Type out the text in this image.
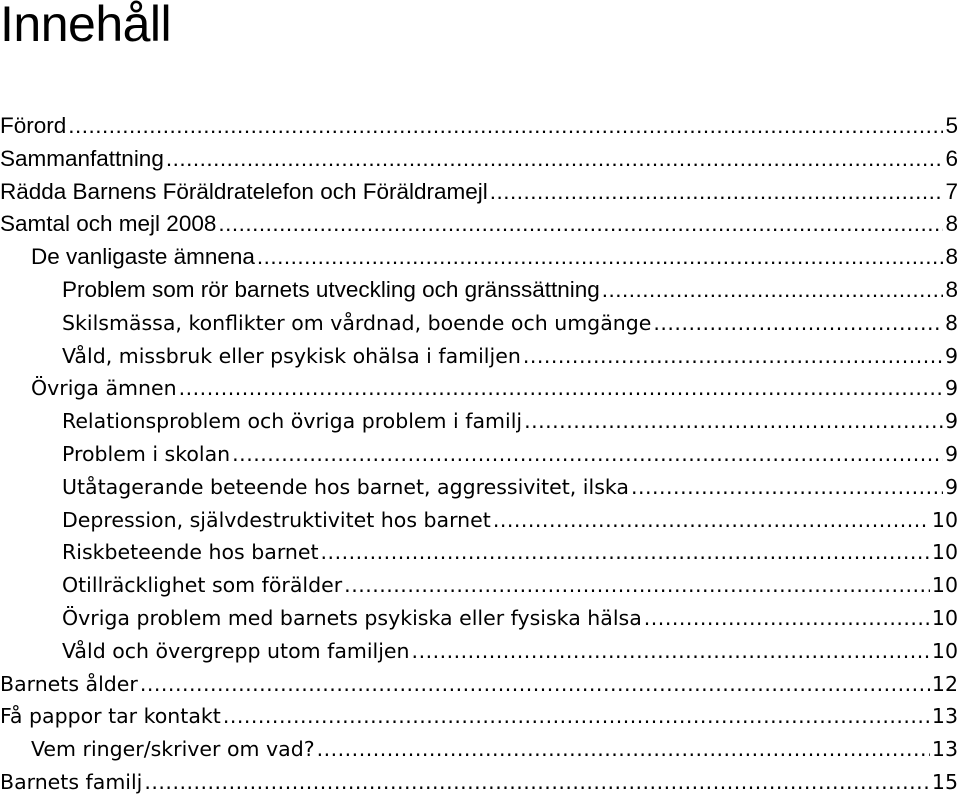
Innehåll
Förord .....	5
Sammanfattning .....	6
Rädda Barnens Föräldratelefon och Föräldramejl .....	7
Samtal och mejl 2008 .....	8
De vanligaste ämnena .....	8
Problem som rör barnets utveckling och gränssättning .....	8
Skilsmässa, konflikter om vårdnad, boende och umgänge .....	8
Våld, missbruk eller psykisk ohälsa i familjen .....	9
Övriga ämnen .....	9
Relationsproblem och övriga problem i familj .....	9
Problem i skolan .....	9
Utåtagerande beteende hos barnet, aggressivitet, ilska .....	9
Depression, självdestruktivitet hos barnet .....	10
Riskbeteende hos barnet .....	10
Otillräcklighet som förälder .....	10
Övriga problem med barnets psykiska eller fysiska hälsa .....	10
Våld och övergrepp utom familjen .....	10
Barnets ålder .....	12
Få pappor tar kontakt .....	13
Vem ringer/skriver om vad? .....	13
Barnets familj .....	15
